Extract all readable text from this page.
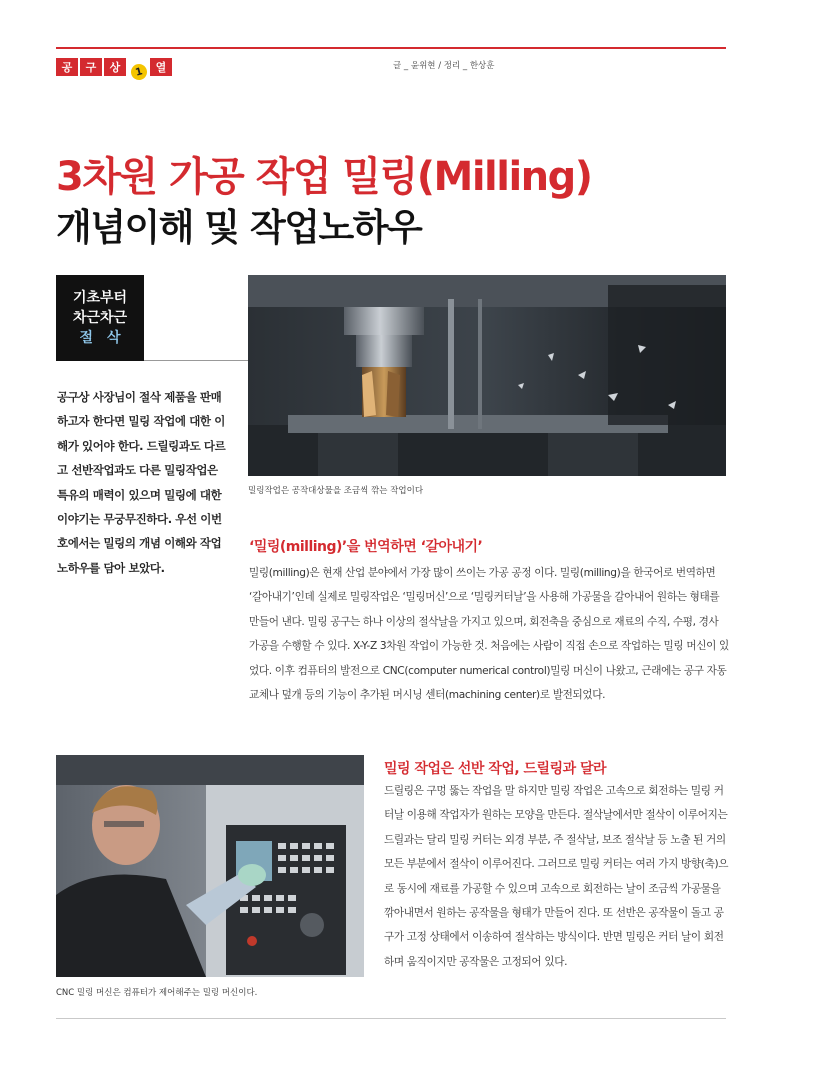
공	구	상	1	열	글 _ 윤위현 / 정리 _ 한상훈
3차원 가공 작업 밀링(Milling)
개념이해 및 작업노하우
기초부터
차근차근
절삭

공구상 사장님이 절삭 제품을 판매하고자 한다면 밀링 작업에 대한 이해가 있어야 한다. 드릴링과도 다르고 선반작업과도 다른 밀링작업은 특유의 매력이 있으며 밀링에 대한 이야기는 무궁무진하다. 우선 이번호에서는 밀링의 개념 이해와 작업 노하우를 담아 보았다.

밀링작업은 공작대상물을 조금씩 깎는 작업이다
‘밀링(milling)’을 번역하면 ‘갈아내기’

밀링(milling)은 현재 산업 분야에서 가장 많이 쓰이는 가공 공정 이다. 밀링(milling)을 한국어로 번역하면 ‘갈아내기’인데 실제로 밀링작업은 ‘밀링머신’으로 ‘밀링커터날’을 사용해 가공물을 갈아내어 원하는 형태를 만들어 낸다. 밀링 공구는 하나 이상의 절삭날을 가지고 있으며, 회전축을 중심으로 재료의 수직, 수평, 경사 가공을 수행할 수 있다. X-Y-Z 3차원 작업이 가능한 것. 처음에는 사람이 직접 손으로 작업하는 밀링 머신이 있었다. 이후 컴퓨터의 발전으로 CNC(computer numerical control)밀링 머신이 나왔고, 근래에는 공구 자동 교체나 덮개 등의 기능이 추가된 머시닝 센터(machining center)로 발전되었다.

CNC 밀링 머신은 컴퓨터가 제어해주는 밀링 머신이다.
밀링 작업은 선반 작업, 드릴링과 달라

드릴링은 구멍 뚫는 작업을 말 하지만 밀링 작업은 고속으로 회전하는 밀링 커터날 이용해 작업자가 원하는 모양을 만든다. 절삭날에서만 절삭이 이루어지는 드릴과는 달리 밀링 커터는 외경 부분, 주 절삭날, 보조 절삭날 등 노출 된 거의 모든 부분에서 절삭이 이루어진다. 그러므로 밀링 커터는 여러 가지 방향(축)으로 동시에 재료를 가공할 수 있으며 고속으로 회전하는 날이 조금씩 가공물을 깎아내면서 원하는 공작물을 형태가 만들어 진다. 또 선반은 공작물이 돌고 공구가 고정 상태에서 이송하여 절삭하는 방식이다. 반면 밀링은 커터 날이 회전하며 움직이지만 공작물은 고정되어 있다.
